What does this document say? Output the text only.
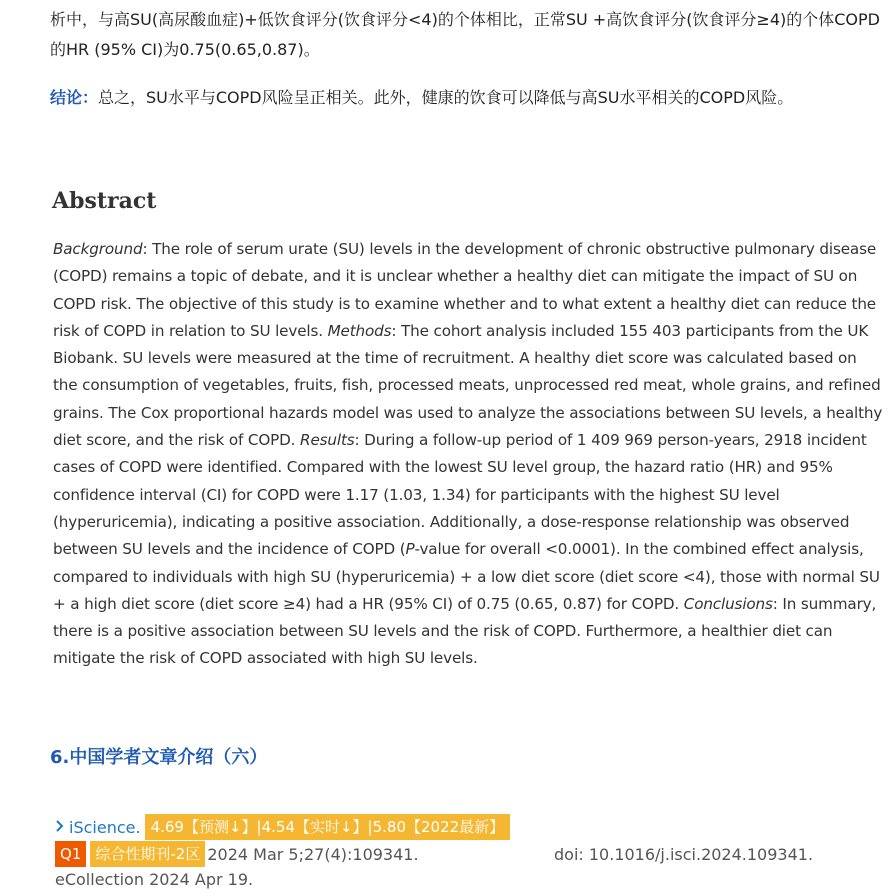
析中，与高SU(高尿酸血症)+低饮食评分(饮食评分<4)的个体相比，正常SU +高饮食评分(饮食评分≥4)的个体COPD的HR (95% CI)为0.75(0.65,0.87)。

结论：总之，SU水平与COPD风险呈正相关。此外，健康的饮食可以降低与高SU水平相关的COPD风险。

Abstract

Background: The role of serum urate (SU) levels in the development of chronic obstructive pulmonary disease (COPD) remains a topic of debate, and it is unclear whether a healthy diet can mitigate the impact of SU on COPD risk. The objective of this study is to examine whether and to what extent a healthy diet can reduce the risk of COPD in relation to SU levels. Methods: The cohort analysis included 155 403 participants from the UK Biobank. SU levels were measured at the time of recruitment. A healthy diet score was calculated based on the consumption of vegetables, fruits, fish, processed meats, unprocessed red meat, whole grains, and refined grains. The Cox proportional hazards model was used to analyze the associations between SU levels, a healthy diet score, and the risk of COPD. Results: During a follow-up period of 1 409 969 person-years, 2918 incident cases of COPD were identified. Compared with the lowest SU level group, the hazard ratio (HR) and 95% confidence interval (CI) for COPD were 1.17 (1.03, 1.34) for participants with the highest SU level (hyperuricemia), indicating a positive association. Additionally, a dose-response relationship was observed between SU levels and the incidence of COPD (P-value for overall <0.0001). In the combined effect analysis, compared to individuals with high SU (hyperuricemia) + a low diet score (diet score <4), those with normal SU + a high diet score (diet score ≥4) had a HR (95% CI) of 0.75 (0.65, 0.87) for COPD. Conclusions: In summary, there is a positive association between SU levels and the risk of COPD. Furthermore, a healthier diet can mitigate the risk of COPD associated with high SU levels.

6.中国学者文章介绍（六）
iScience. 4.69【预测↓】|4.54【实时↓】|5.80【2022最新】
Q1 综合性期刊-2区 2024 Mar 5;27(4):109341.	doi: 10.1016/j.isci.2024.109341.
eCollection 2024 Apr 19.
